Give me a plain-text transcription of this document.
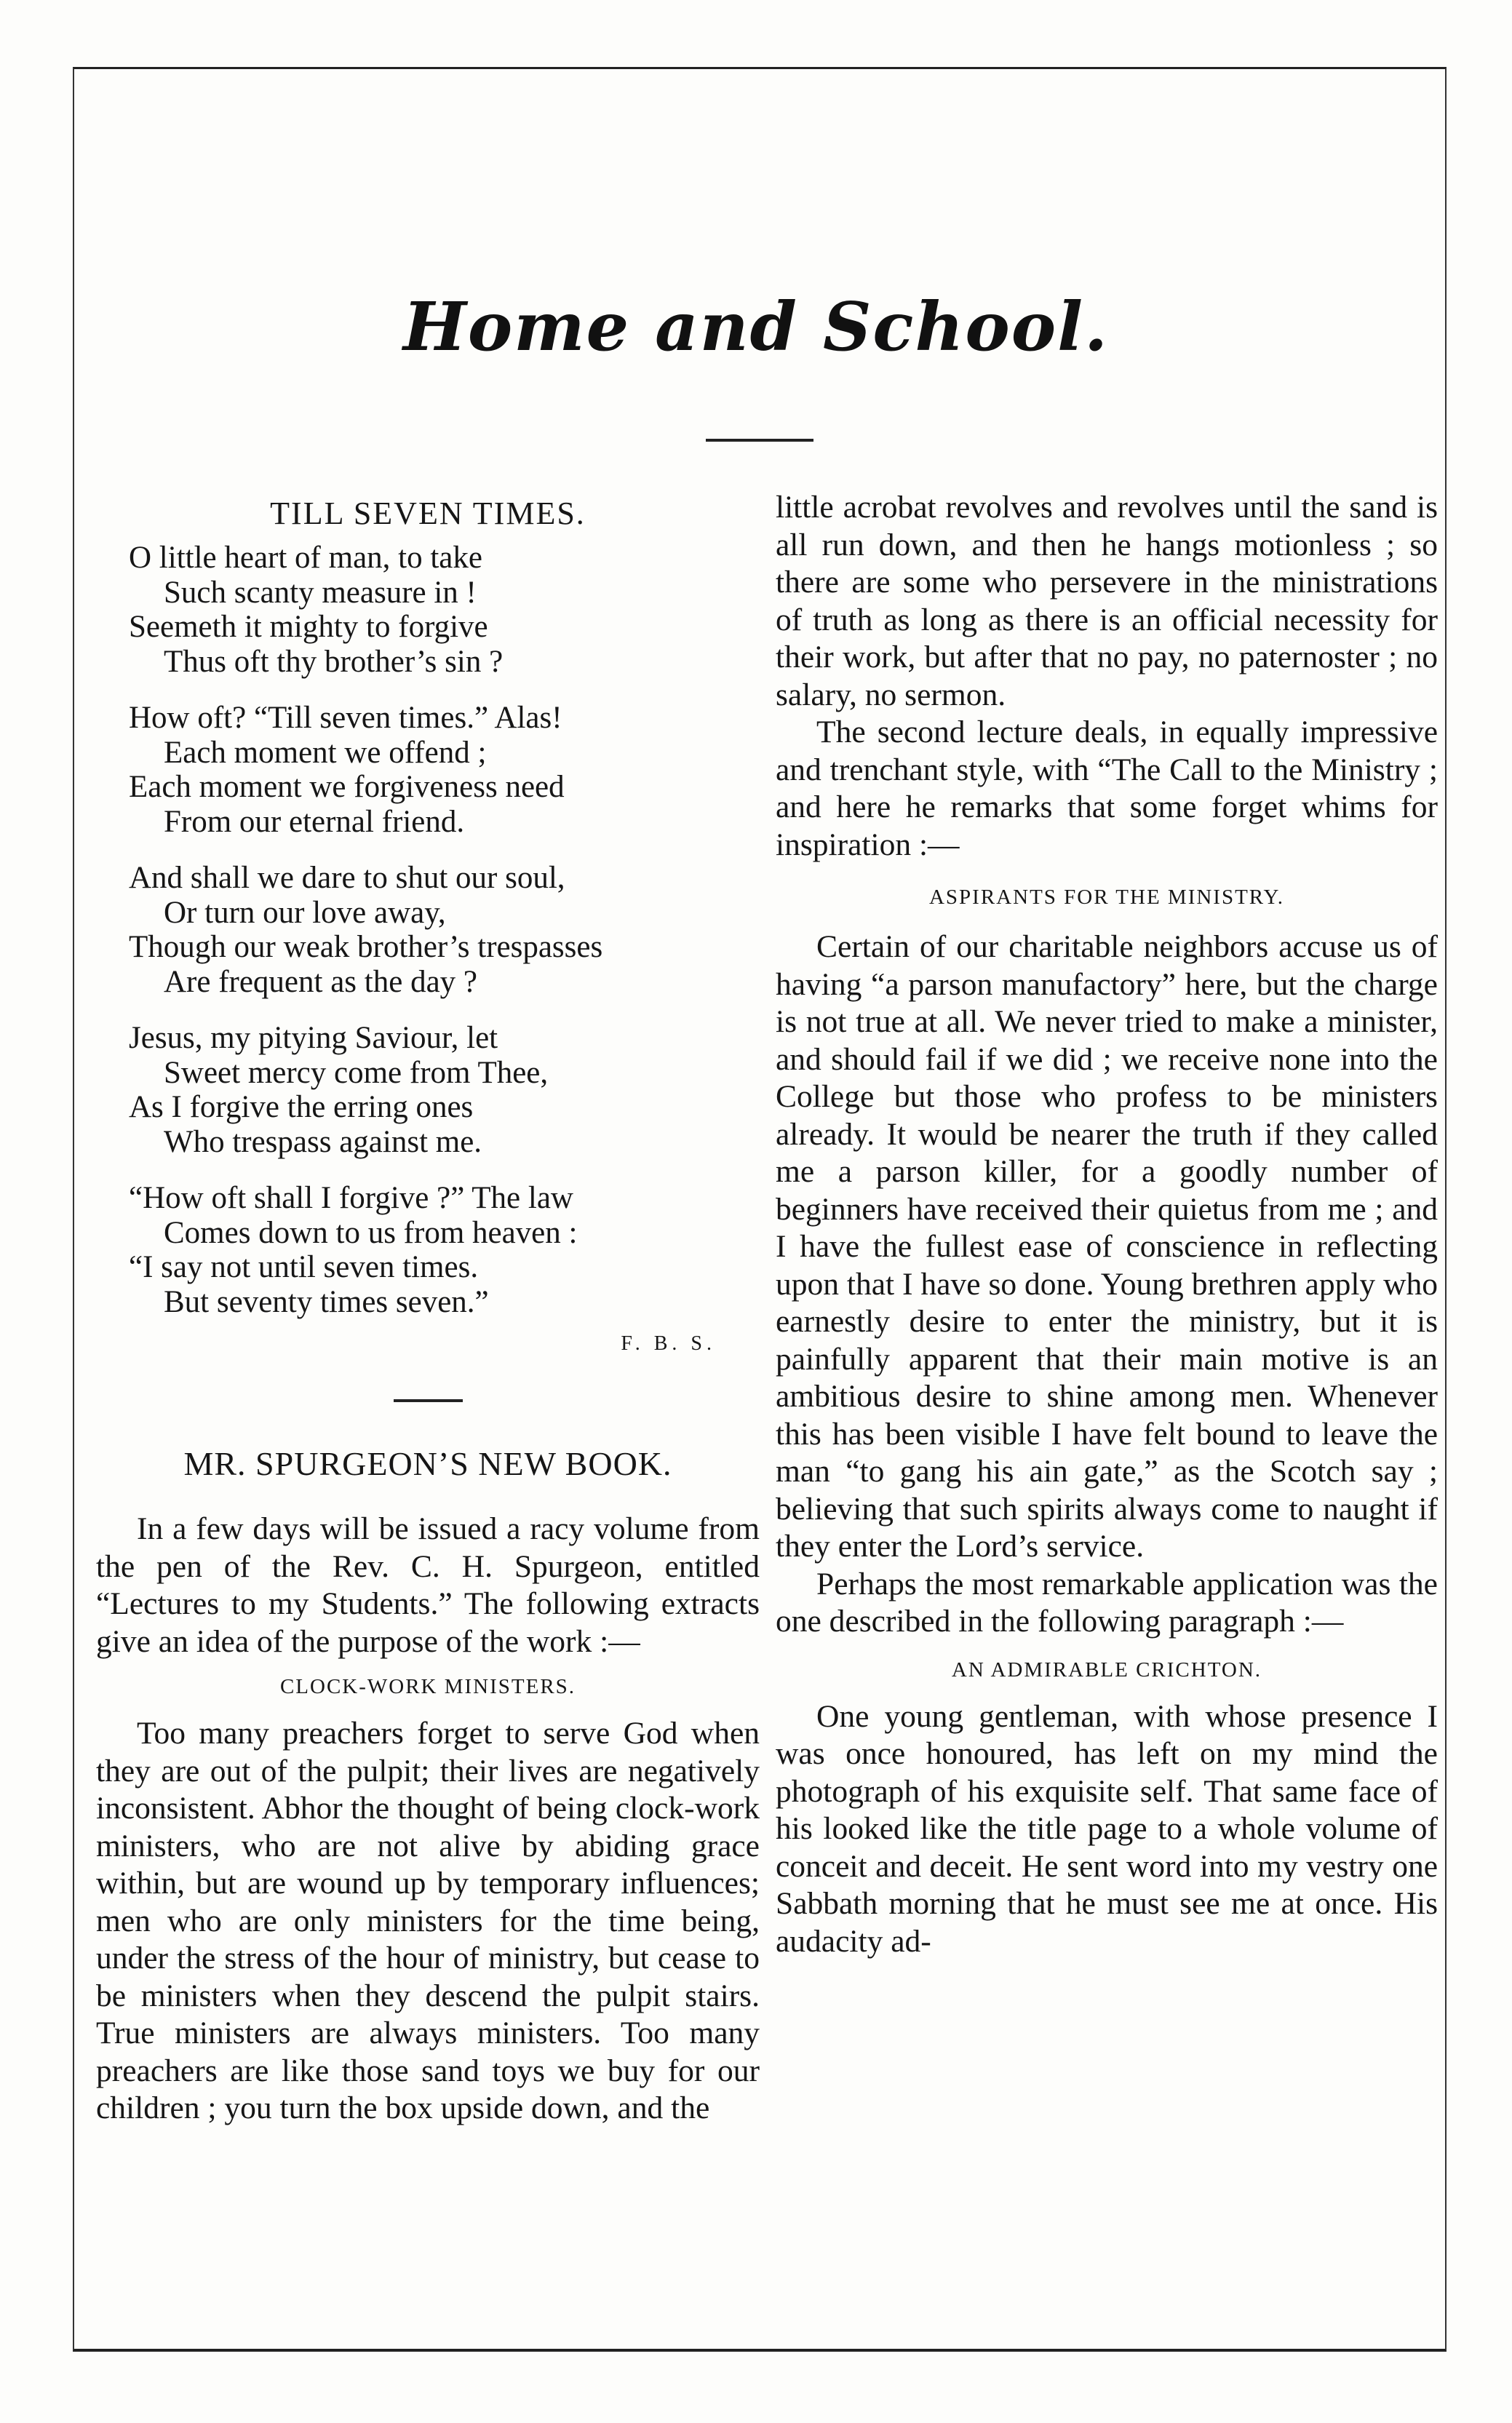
Home and School.
TILL SEVEN TIMES.
O little heart of man, to take
Such scanty measure in !
Seemeth it mighty to forgive
Thus oft thy brother’s sin ?
How oft? “Till seven times.” Alas!
Each moment we offend ;
Each moment we forgiveness need
From our eternal friend.
And shall we dare to shut our soul,
Or turn our love away,
Though our weak brother’s trespasses
Are frequent as the day ?
Jesus, my pitying Saviour, let
Sweet mercy come from Thee,
As I forgive the erring ones
Who trespass against me.
“How oft shall I forgive ?” The law
Comes down to us from heaven :
“I say not until seven times.
But seventy times seven.”
F. B. S.
MR. SPURGEON’S NEW BOOK.

In a few days will be issued a racy volume from the pen of the Rev. C. H. Spurgeon, entitled “Lectures to my Students.” The following extracts give an idea of the purpose of the work :—

CLOCK-WORK MINISTERS.

Too many preachers forget to serve God when they are out of the pulpit; their lives are negatively inconsistent. Abhor the thought of being clock-work ministers, who are not alive by abiding grace within, but are wound up by temporary influences; men who are only ministers for the time being, under the stress of the hour of ministry, but cease to be ministers when they descend the pulpit stairs. True ministers are always ministers. Too many preachers are like those sand toys we buy for our children ; you turn the box upside down, and the

little acrobat revolves and revolves until the sand is all run down, and then he hangs motionless ; so there are some who persevere in the ministrations of truth as long as there is an official necessity for their work, but after that no pay, no paternoster ; no salary, no sermon.

The second lecture deals, in equally impressive and trenchant style, with “The Call to the Ministry ; and here he remarks that some forget whims for inspiration :—

ASPIRANTS FOR THE MINISTRY.

Certain of our charitable neighbors accuse us of having “a parson manufactory” here, but the charge is not true at all. We never tried to make a minister, and should fail if we did ; we receive none into the College but those who profess to be ministers already. It would be nearer the truth if they called me a parson killer, for a goodly number of beginners have received their quietus from me ; and I have the fullest ease of conscience in reflecting upon that I have so done. Young brethren apply who earnestly desire to enter the ministry, but it is painfully apparent that their main motive is an ambitious desire to shine among men. Whenever this has been visible I have felt bound to leave the man “to gang his ain gate,” as the Scotch say ; believing that such spirits always come to naught if they enter the Lord’s service.

Perhaps the most remarkable application was the one described in the following paragraph :—

AN ADMIRABLE CRICHTON.

One young gentleman, with whose presence I was once honoured, has left on my mind the photograph of his exquisite self. That same face of his looked like the title page to a whole volume of conceit and deceit. He sent word into my vestry one Sabbath morning that he must see me at once. His audacity ad-
